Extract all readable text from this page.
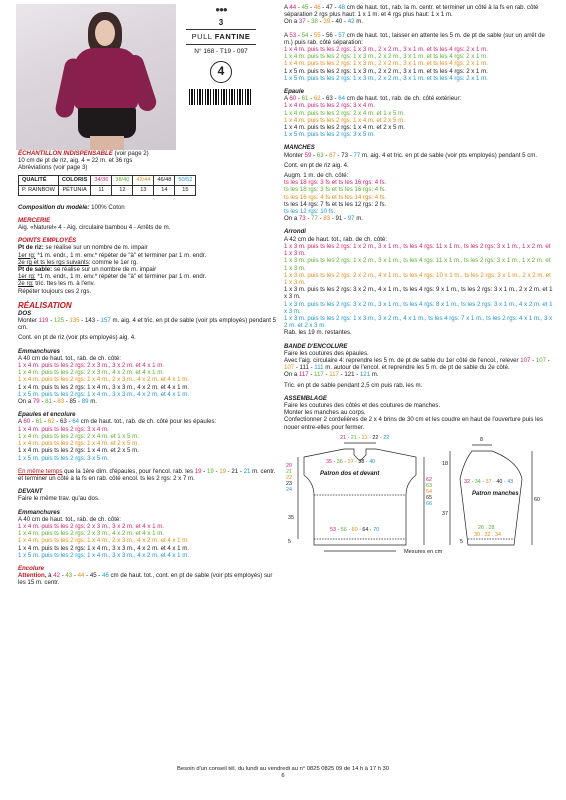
●●●
3
PULL FANTINE
N° 168 - T19 - 097
4
ÉCHANTILLON INDISPENSABLE (voir page 2)
10 cm de pt de riz, aig. 4 = 22 m. et 36 rgs
Abréviations (voir page 3)
QUALITÉ	COLORIS	34/36	38/40	42/44	46/48	50/52
P. RAINBOW	PÉTUNIA	11	12	13	14	15
Composition du modèle: 100% Coton
MERCERIE
Aig. «Naturel» 4 - Aig. circulaire bambou 4 - Arrêts de m.
POINTS EMPLOYÉS
Pt de riz: se réalise sur un nombre de m. impair
1er rg: *1 m. endr., 1 m. env.* répéter de "à" et terminer par 1 m. endr.
2e rg et ts les rgs suivants: comme le 1er rg.
Pt de sable: se réalise sur un nombre de m. impair
1er rg: *1 m. endr., 1 m. env.* répéter de "à" et terminer par 1 m. endr.
2e rg: tric. ttes les m. à l'env.
Répéter toujours ces 2 rgs.
RÉALISATION
DOS
Monter 119 - 125 - 135 - 143 - 157 m. aig. 4 et tric. en pt de sable (voir pts employés) pendant 5 cm.
Cont. en pt de riz (voir pts employés) aig. 4.
Emmanchures
A 40 cm de haut. tot., rab. de ch. côté:
1 x 4 m. puis ts les 2 rgs: 2 x 3 m., 3 x 2 m. et 4 x 1 m.
1 x 4 m. puis ts les 2 rgs: 2 x 3 m., 4 x 2 m. et 4 x 1 m.
1 x 4 m. puis ts les 2 rgs: 1 x 4 m., 2 x 3 m., 4 x 2 m. et 4 x 1 m.
1 x 4 m. puis ts les 2 rgs: 1 x 4 m., 3 x 3 m., 4 x 2 m. et 4 x 1 m.
1 x 5 m. puis ts les 2 rgs: 1 x 4 m., 3 x 3 m., 4 x 2 m. et 4 x 1 m.
On a 79 - 81 - 83 - 85 - 89 m.
Epaules et encolure
A 60 - 61 - 62 - 63 - 64 cm de haut. tot., rab. de ch. côté pour les épaules:
1 x 4 m. puis ts les 2 rgs: 3 x 4 m.
1 x 4 m. puis ts les 2 rgs: 2 x 4 m. et 1 x 5 m.
1 x 4 m. puis ts les 2 rgs: 1 x 4 m. et 2 x 5 m.
1 x 4 m. puis ts les 2 rgs: 1 x 4 m. et 2 x 5 m.
1 x 5 m. puis ts les 2 rgs: 3 x 5 m.
En même temps que la 1ère dim. d'épaules, pour l'encol. rab. les 19 - 19 - 19 - 21 - 21 m. centr. et terminer un côté à la fs en rab. côté encol. ts les 2 rgs: 2 x 7 m.
DEVANT
Faire le même trav. qu'au dos.
Emmanchures
A 40 cm de haut. tot., rab. de ch. côté:
1 x 4 m. puis ts les 2 rgs: 2 x 3 m., 3 x 2 m. et 4 x 1 m.
1 x 4 m. puis ts les 2 rgs: 2 x 3 m., 4 x 2 m. et 4 x 1 m.
1 x 4 m. puis ts les 2 rgs: 1 x 4 m., 2 x 3 m., 4 x 2 m. et 4 x 1 m.
1 x 4 m. puis ts les 2 rgs: 1 x 4 m., 3 x 3 m., 4 x 2 m. et 4 x 1 m.
1 x 5 m. puis ts les 2 rgs: 1 x 4 m., 3 x 3 m., 4 x 2 m. et 4 x 1 m.
Encolure
Attention, à 42 - 43 - 44 - 45 - 46 cm de haut. tot., cont. en pt de sable (voir pts employés) sur les 15 m. centr.
A 44 - 45 - 46 - 47 - 48 cm de haut. tot., rab. la m. centr. et terminer un côté à la fs en rab. côté séparation 2 rgs plus haut: 1 x 1 m. et 4 rgs plus haut: 1 x 1 m.
On a 37 - 38 - 39 - 40 - 42 m.
A 53 - 54 - 55 - 56 - 57 cm de haut. tot., laisser en attente les 5 m. de pt de sable (sur un arrêt de m.) puis rab. côté séparation:
1 x 4 m. puis ts les 2 rgs: 1 x 3 m., 2 x 2 m., 3 x 1 m. et ts les 4 rgs: 2 x 1 m.
1 x 4 m. puis ts les 2 rgs: 1 x 3 m., 2 x 2 m., 3 x 1 m. et ts les 4 rgs: 2 x 1 m.
1 x 4 m. puis ts les 2 rgs: 1 x 3 m., 2 x 2 m., 3 x 1 m. et ts les 4 rgs: 2 x 1 m.
1 x 5 m. puis ts les 2 rgs: 1 x 3 m., 2 x 2 m., 3 x 1 m. et ts les 4 rgs: 2 x 1 m.
1 x 5 m. puis ts les 2 rgs: 1 x 3 m., 2 x 2 m., 3 x 1 m. et ts les 4 rgs: 2 x 1 m.
Epaule
A 60 - 61 - 62 - 63 - 64 cm de haut. tot., rab. de ch. côté extérieur:
1 x 4 m. puis ts les 2 rgs: 3 x 4 m.
1 x 4 m. puis ts les 2 rgs: 2 x 4 m. et 1 x 5 m.
1 x 4 m. puis ts les 2 rgs: 1 x 4 m. et 2 x 5 m.
1 x 4 m. puis ts les 2 rgs: 1 x 4 m. et 2 x 5 m.
1 x 5 m. puis ts les 2 rgs: 3 x 5 m.
MANCHES
Monter 59 - 63 - 67 - 73 - 77 m. aig. 4 et tric. en pt de sable (voir pts employés) pendant 5 cm.
Cont. en pt de riz aig. 4.
Augm. 1 m. de ch. côté:
ts les 18 rgs: 3 fs et ts les 16 rgs: 4 fs.
ts les 18 rgs: 3 fs et ts les 16 rgs: 4 fs.
ts les 16 rgs: 4 fs et ts les 14 rgs: 4 fs.
ts les 14 rgs: 7 fs et ts les 12 rgs: 2 fs.
ts les 12 rgs: 10 fs.
On a 73 - 77 - 83 - 91 - 97 m.
Arrondi
A 42 cm de haut. tot., rab. de ch. côté:
1 x 3 m. puis ts les 2 rgs: 1 x 2 m., 3 x 1 m., ts les 4 rgs: 11 x 1 m., ts les 2 rgs: 3 x 1 m., 1 x 2 m. et 1 x 3 m.
1 x 3 m. puis ts les 2 rgs: 1 x 2 m., 3 x 1 m., ts les 4 rgs: 11 x 1 m., ts les 2 rgs: 3 x 1 m., 1 x 2 m. et 1 x 3 m.
1 x 3 m. puis ts les 2 rgs: 2 x 2 m., 4 x 1 m., ts les 4 rgs: 10 x 1 m., ts les 2 rgs: 3 x 1 m., 2 x 2 m. et 1 x 3 m.
1 x 3 m. puis ts les 2 rgs: 3 x 2 m., 4 x 1 m., ts les 4 rgs: 9 x 1 m., ts les 2 rgs: 3 x 1 m., 2 x 2 m. et 1 x 3 m.
1 x 3 m. puis ts les 2 rgs: 3 x 2 m., 3 x 1 m., ts les 4 rgs: 8 x 1 m., ts les 2 rgs: 3 x 1 m., 4 x 2 m. et 1 x 3 m.
1 x 3 m. puis ts les 2 rgs: 1 x 3 m., 3 x 2 m., 4 x 1 m., ts les 4 rgs: 7 x 1 m., ts les 2 rgs: 4 x 1 m., 3 x 2 m. et 2 x 3 m.
Rab. les 19 m. restantes.
BANDE D'ENCOLURE
Faire les coutures des épaules.
Avec l'aig. circulaire 4: reprendre les 5 m. de pt de sable du 1er côté de l'encol., relever 107 - 107 - 107 - 111 - 111 m. autour de l'encol. et reprendre les 5 m. de pt de sable du 2e côté.
On a 117 - 117 - 117 - 121 - 121 m.
Tric. en pt de sable pendant 2,5 cm puis rab. les m.
ASSEMBLAGE
Faire les coutures des côtés et des coutures de manches.
Monter les manches au corps.
Confectionner 2 cordelières de 2 x 4 brins de 30 cm et les coudre en haut de l'ouverture puis les nouer entre-elles pour fermer.
21 · 21 · 21 · 22 · 22
20
21
22
23
24
35
5
35 · 36 · 37 · 38 · 40
Patron dos et devant
62
63
64
65
66
53 · 56 · 60 · 64 · 70
Mesures en cm
8
18
37
60
32 · 34 · 37 · 40 · 43
Patron manches
26 . 28
30 . 32 . 34
5
Besoin d'un conseil tél. du lundi au vendredi au n° 0825 0825 09 de 14 h à 17 h 30
6
